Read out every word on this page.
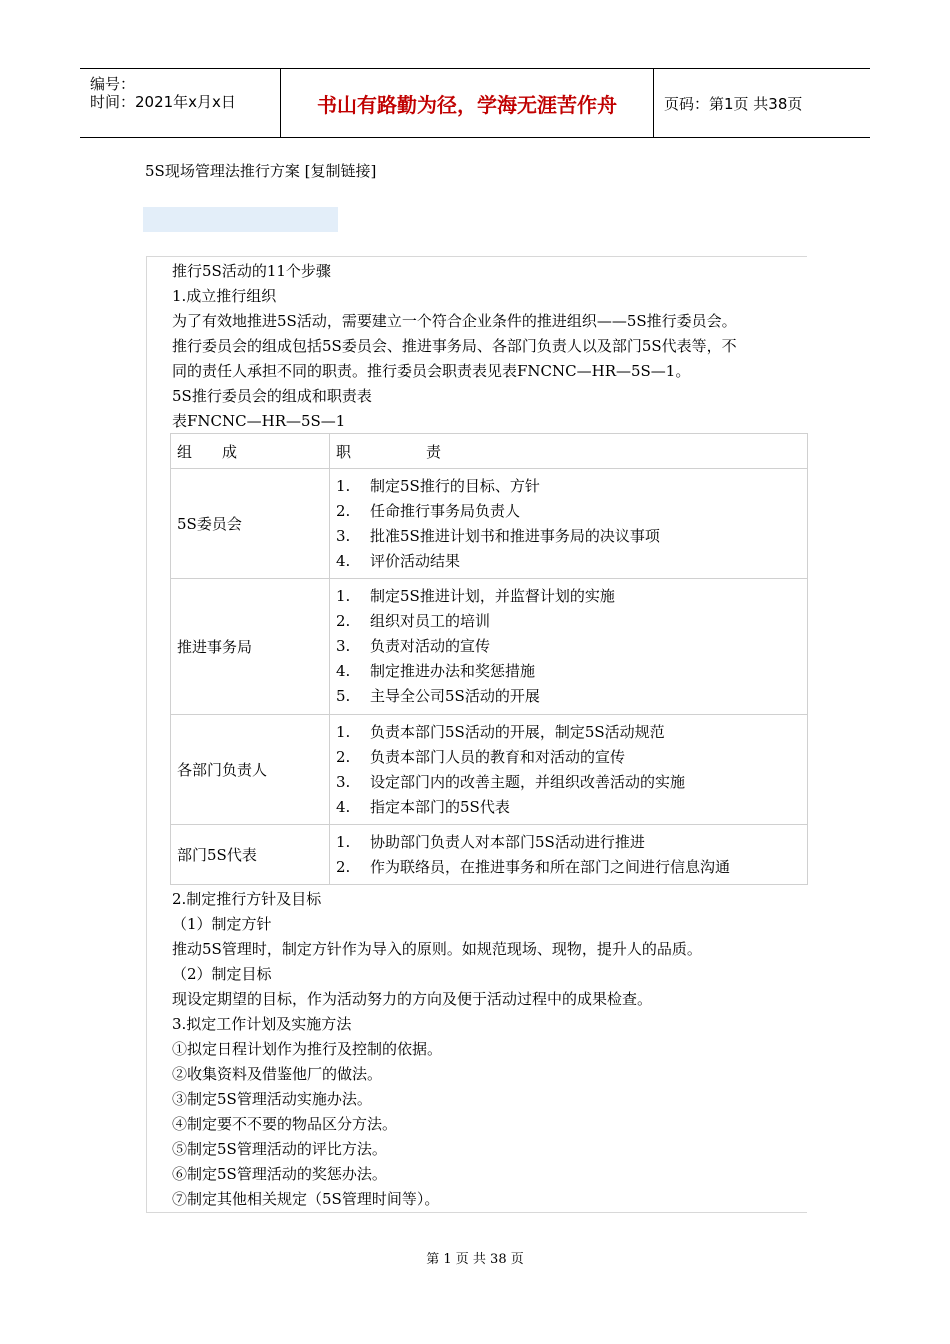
编号：
时间：2021年x月x日	书山有路勤为径，学海无涯苦作舟	页码：第1页 共38页
5S现场管理法推行方案 [复制链接]
推行5S活动的11个步骤
1.成立推行组织
为了有效地推进5S活动，需要建立一个符合企业条件的推进组织——5S推行委员会。
推行委员会的组成包括5S委员会、推进事务局、各部门负责人以及部门5S代表等，不
同的责任人承担不同的职责。推行委员会职责表见表FNCNC—HR—5S—1。
5S推行委员会的组成和职责表
表FNCNC—HR—5S—1
组　　成	职　　　　　责
5S委员会	1. 制定5S推行的目标、方针
2. 任命推行事务局负责人
3. 批准5S推进计划书和推进事务局的决议事项
4. 评价活动结果

推进事务局	1. 制定5S推进计划，并监督计划的实施
2. 组织对员工的培训
3. 负责对活动的宣传
4. 制定推进办法和奖惩措施
5. 主导全公司5S活动的开展

各部门负责人	1. 负责本部门5S活动的开展，制定5S活动规范
2. 负责本部门人员的教育和对活动的宣传
3. 设定部门内的改善主题，并组织改善活动的实施
4. 指定本部门的5S代表

部门5S代表	1. 协助部门负责人对本部门5S活动进行推进
2. 作为联络员，在推进事务和所在部门之间进行信息沟通
2.制定推行方针及目标
（1）制定方针
推动5S管理时，制定方针作为导入的原则。如规范现场、现物，提升人的品质。
（2）制定目标
现设定期望的目标，作为活动努力的方向及便于活动过程中的成果检查。
3.拟定工作计划及实施方法
①拟定日程计划作为推行及控制的依据。
②收集资料及借鉴他厂的做法。
③制定5S管理活动实施办法。
④制定要不不要的物品区分方法。
⑤制定5S管理活动的评比方法。
⑥制定5S管理活动的奖惩办法。
⑦制定其他相关规定（5S管理时间等）。
第 1 页 共 38 页
